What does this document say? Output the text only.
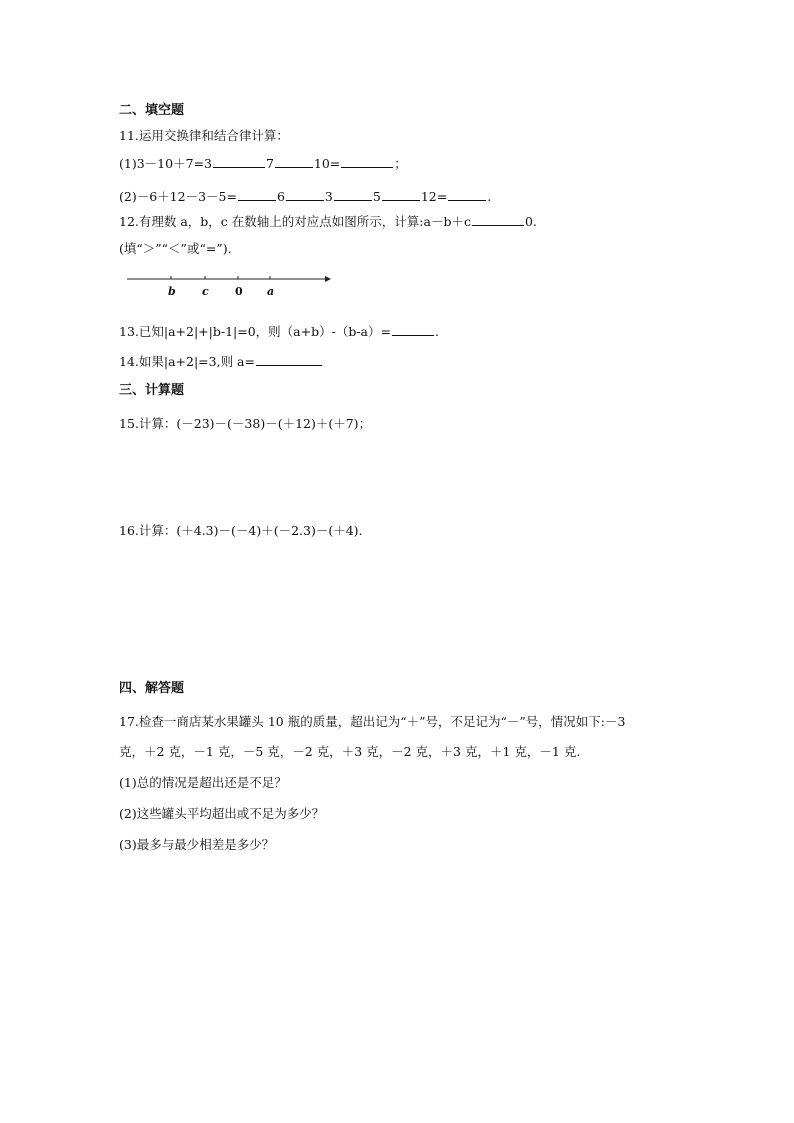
二、填空题
11.运用交换律和结合律计算：
(1)3－10＋7=3	7	10=	；
(2)－6＋12－3－5=	6	3	5	12=	.
12.有理数 a，b，c 在数轴上的对应点如图所示，计算:a－b＋c	0.
(填“＞”“＜”或“=”).
b c 0 a
13.已知|a+2|+|b-1|=0，则（a+b）-（b-a）=	.
14.如果|a+2|=3,则 a=
三、计算题
15.计算：(－23)－(－38)－(＋12)＋(＋7)；
16.计算：(＋4.3)－(－4)＋(－2.3)－(＋4).
四、解答题
17.检查一商店某水果罐头 10 瓶的质量，超出记为“＋”号，不足记为“－”号，情况如下:－3
克，＋2 克，－1 克，－5 克，－2 克，＋3 克，－2 克，＋3 克，＋1 克，－1 克.
(1)总的情况是超出还是不足？
(2)这些罐头平均超出或不足为多少？
(3)最多与最少相差是多少？
